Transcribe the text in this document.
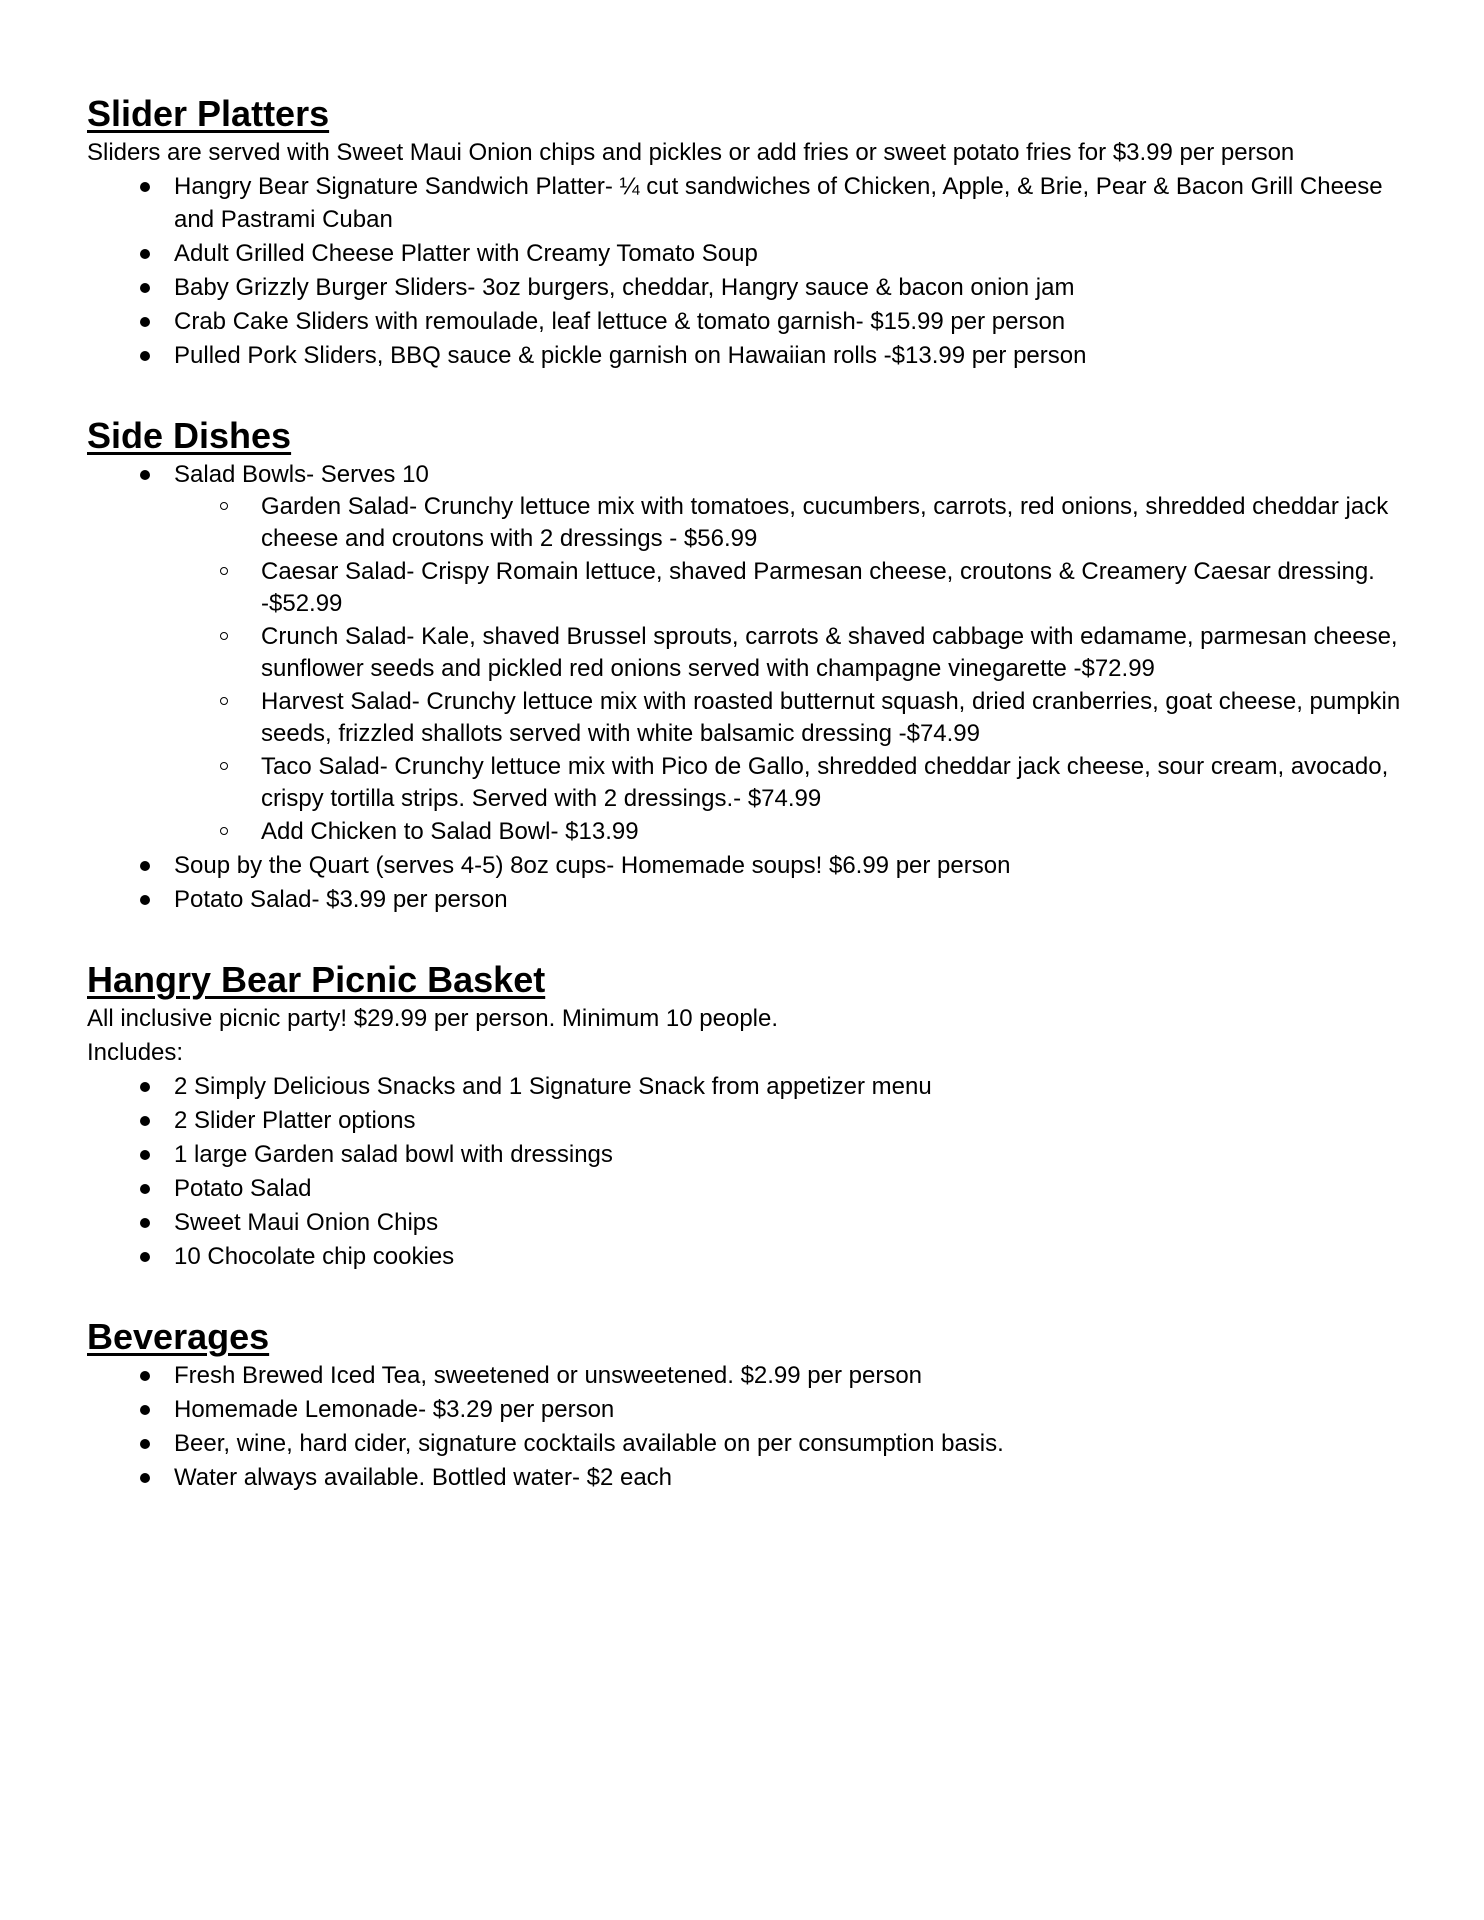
Slider Platters

Sliders are served with Sweet Maui Onion chips and pickles or add fries or sweet potato fries for $3.99 per person

Hangry Bear Signature Sandwich Platter- ¼ cut sandwiches of Chicken, Apple, & Brie, Pear & Bacon Grill Cheese and Pastrami Cuban
Adult Grilled Cheese Platter with Creamy Tomato Soup
Baby Grizzly Burger Sliders- 3oz burgers, cheddar, Hangry sauce & bacon onion jam
Crab Cake Sliders with remoulade, leaf lettuce & tomato garnish- $15.99 per person
Pulled Pork Sliders, BBQ sauce & pickle garnish on Hawaiian rolls -$13.99 per person
Side Dishes
Salad Bowls- Serves 10
Garden Salad- Crunchy lettuce mix with tomatoes, cucumbers, carrots, red onions, shredded cheddar jack cheese and croutons with 2 dressings - $56.99
Caesar Salad- Crispy Romain lettuce, shaved Parmesan cheese, croutons & Creamery Caesar dressing. -$52.99
Crunch Salad- Kale, shaved Brussel sprouts, carrots & shaved cabbage with edamame, parmesan cheese, sunflower seeds and pickled red onions served with champagne vinegarette -$72.99
Harvest Salad- Crunchy lettuce mix with roasted butternut squash, dried cranberries, goat cheese, pumpkin seeds, frizzled shallots served with white balsamic dressing -$74.99
Taco Salad- Crunchy lettuce mix with Pico de Gallo, shredded cheddar jack cheese, sour cream, avocado, crispy tortilla strips. Served with 2 dressings.- $74.99
Add Chicken to Salad Bowl- $13.99
Soup by the Quart (serves 4-5) 8oz cups- Homemade soups! $6.99 per person
Potato Salad- $3.99 per person
Hangry Bear Picnic Basket

All inclusive picnic party! $29.99 per person. Minimum 10 people.

Includes:

2 Simply Delicious Snacks and 1 Signature Snack from appetizer menu
2 Slider Platter options
1 large Garden salad bowl with dressings
Potato Salad
Sweet Maui Onion Chips
10 Chocolate chip cookies
Beverages
Fresh Brewed Iced Tea, sweetened or unsweetened. $2.99 per person
Homemade Lemonade- $3.29 per person
Beer, wine, hard cider, signature cocktails available on per consumption basis.
Water always available. Bottled water- $2 each
